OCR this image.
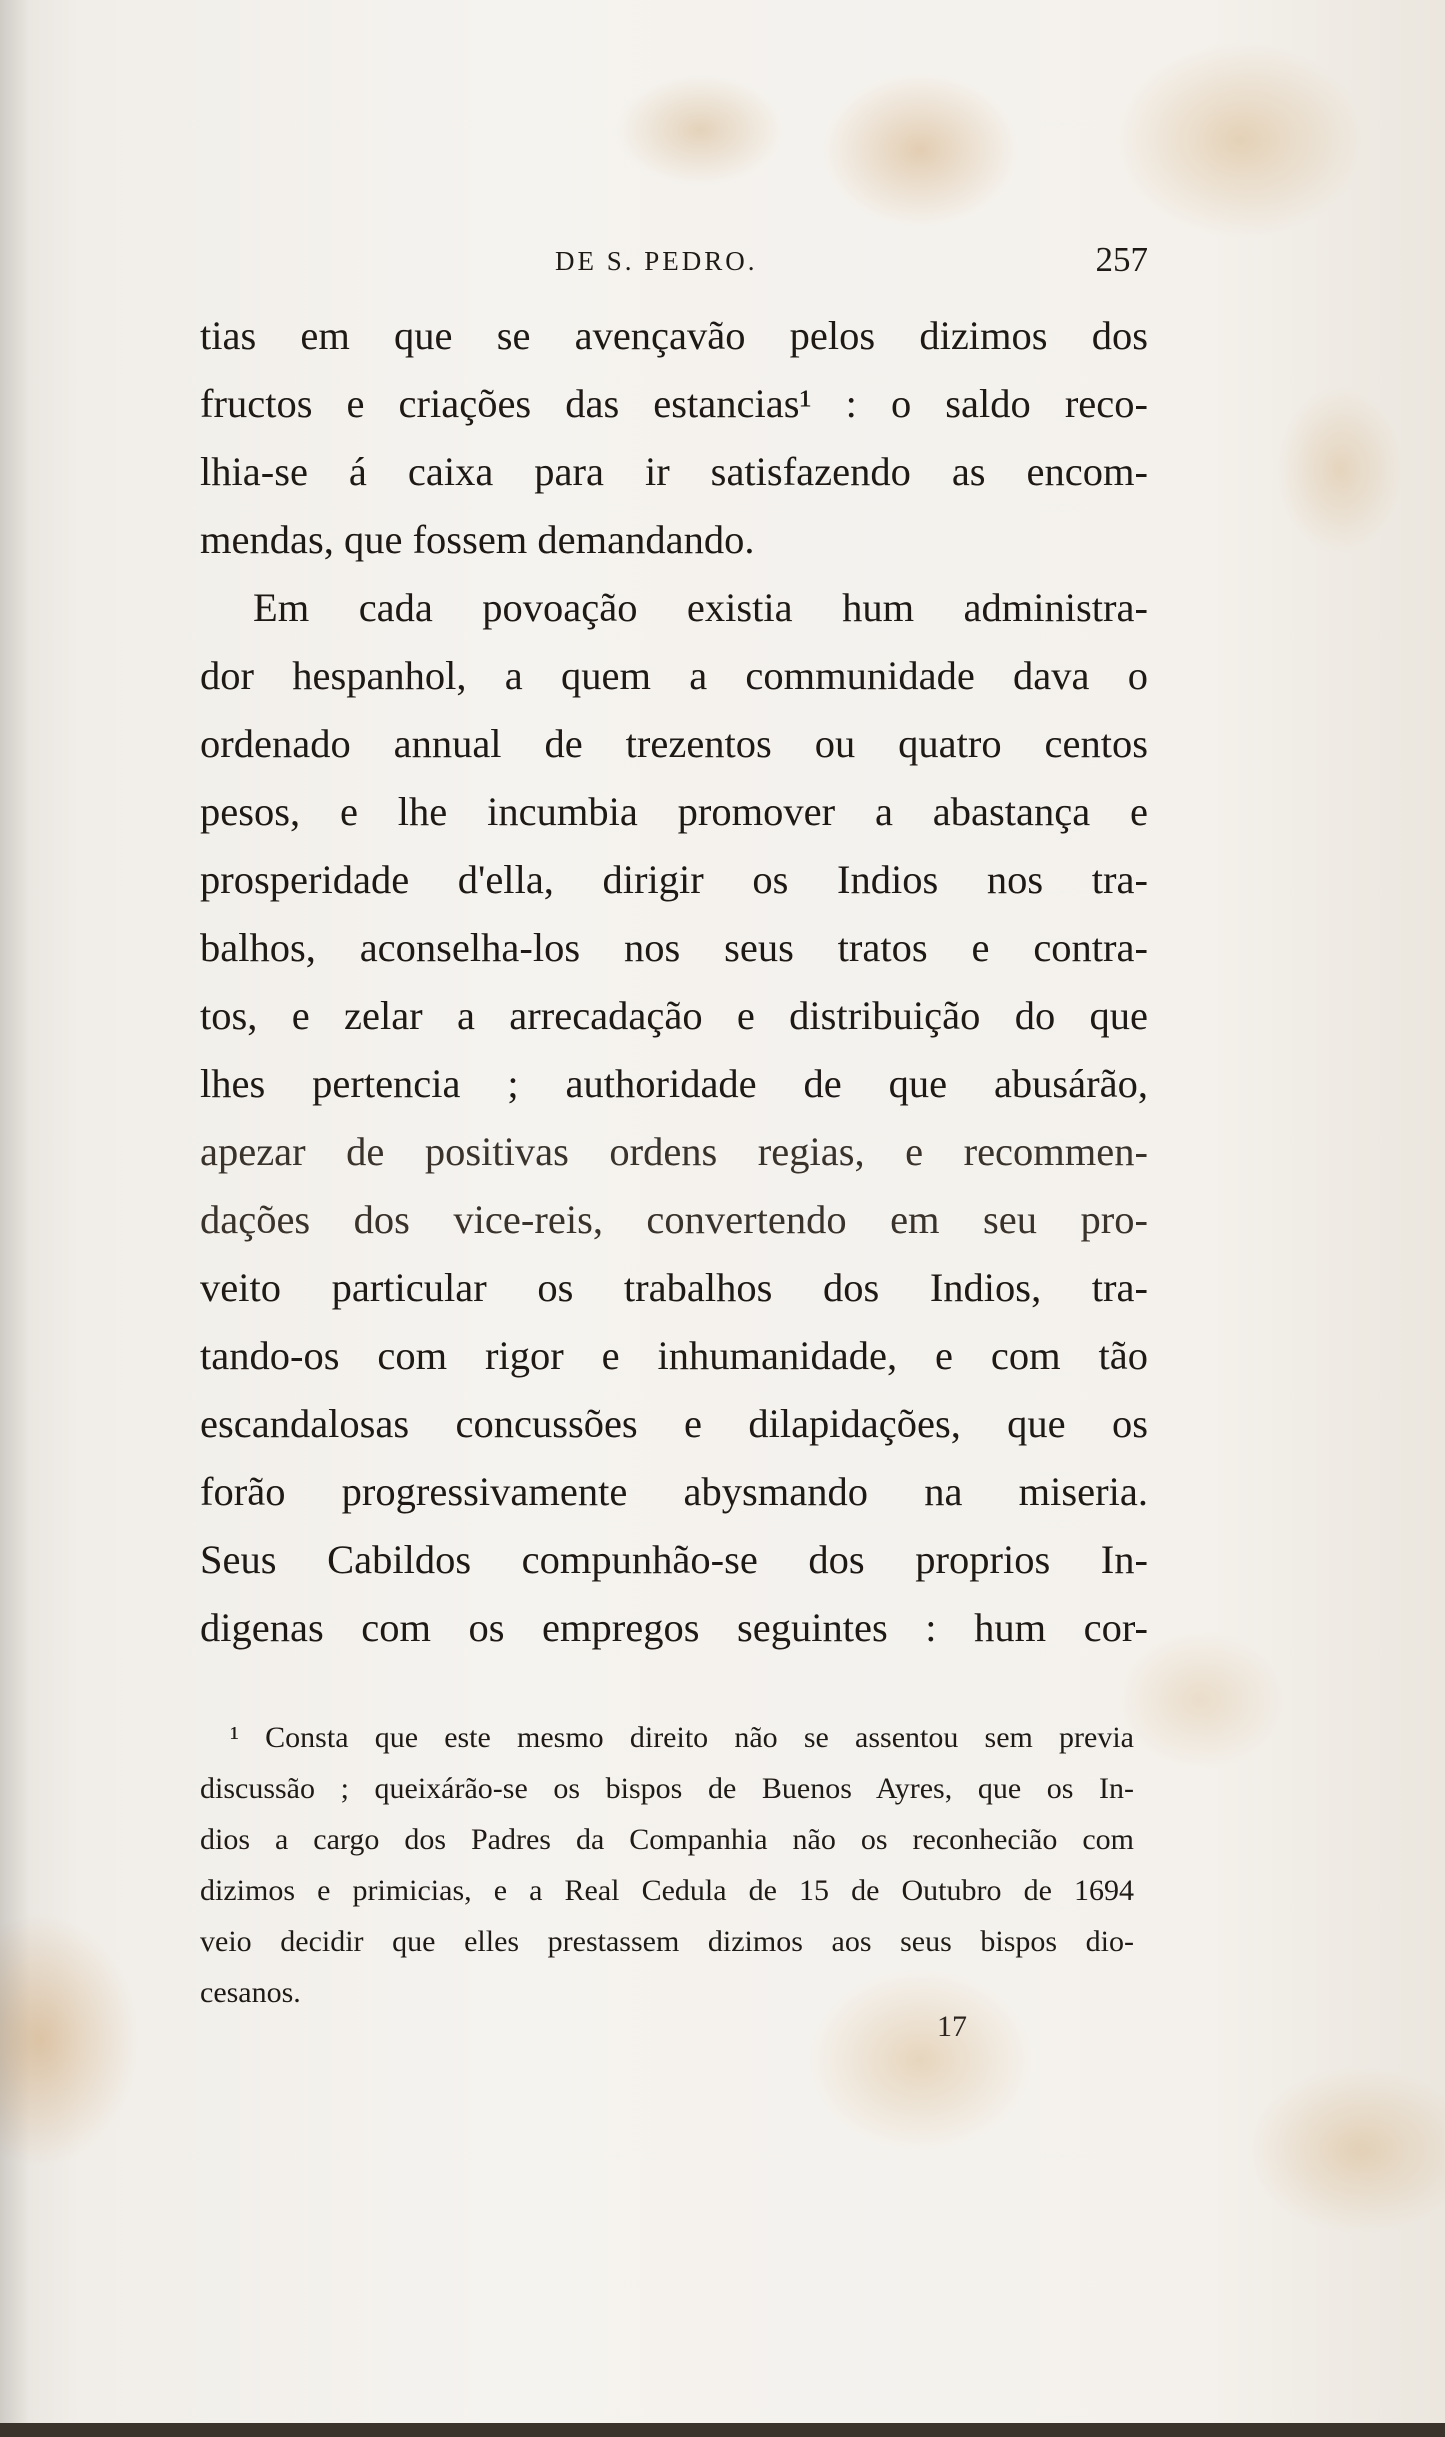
DE S. PEDRO.	257
tias em que se avençavão pelos dizimos dos
fructos e criações das estancias¹ : o saldo reco-
lhia-se á caixa para ir satisfazendo as encom-
mendas, que fossem demandando.
Em cada povoação existia hum administra-
dor hespanhol, a quem a communidade dava o
ordenado annual de trezentos ou quatro centos
pesos, e lhe incumbia promover a abastança e
prosperidade d'ella, dirigir os Indios nos tra-
balhos, aconselha-los nos seus tratos e contra-
tos, e zelar a arrecadação e distribuição do que
lhes pertencia ; authoridade de que abusárão,
apezar de positivas ordens regias, e recommen-
dações dos vice-reis, convertendo em seu pro-
veito particular os trabalhos dos Indios, tra-
tando-os com rigor e inhumanidade, e com tão
escandalosas concussões e dilapidações, que os
forão progressivamente abysmando na miseria.
Seus Cabildos compunhão-se dos proprios In-
digenas com os empregos seguintes : hum cor-
¹ Consta que este mesmo direito não se assentou sem previa
discussão ; queixárão-se os bispos de Buenos Ayres, que os In-
dios a cargo dos Padres da Companhia não os reconhecião com
dizimos e primicias, e a Real Cedula de 15 de Outubro de 1694
veio decidir que elles prestassem dizimos aos seus bispos dio-
cesanos.
17
